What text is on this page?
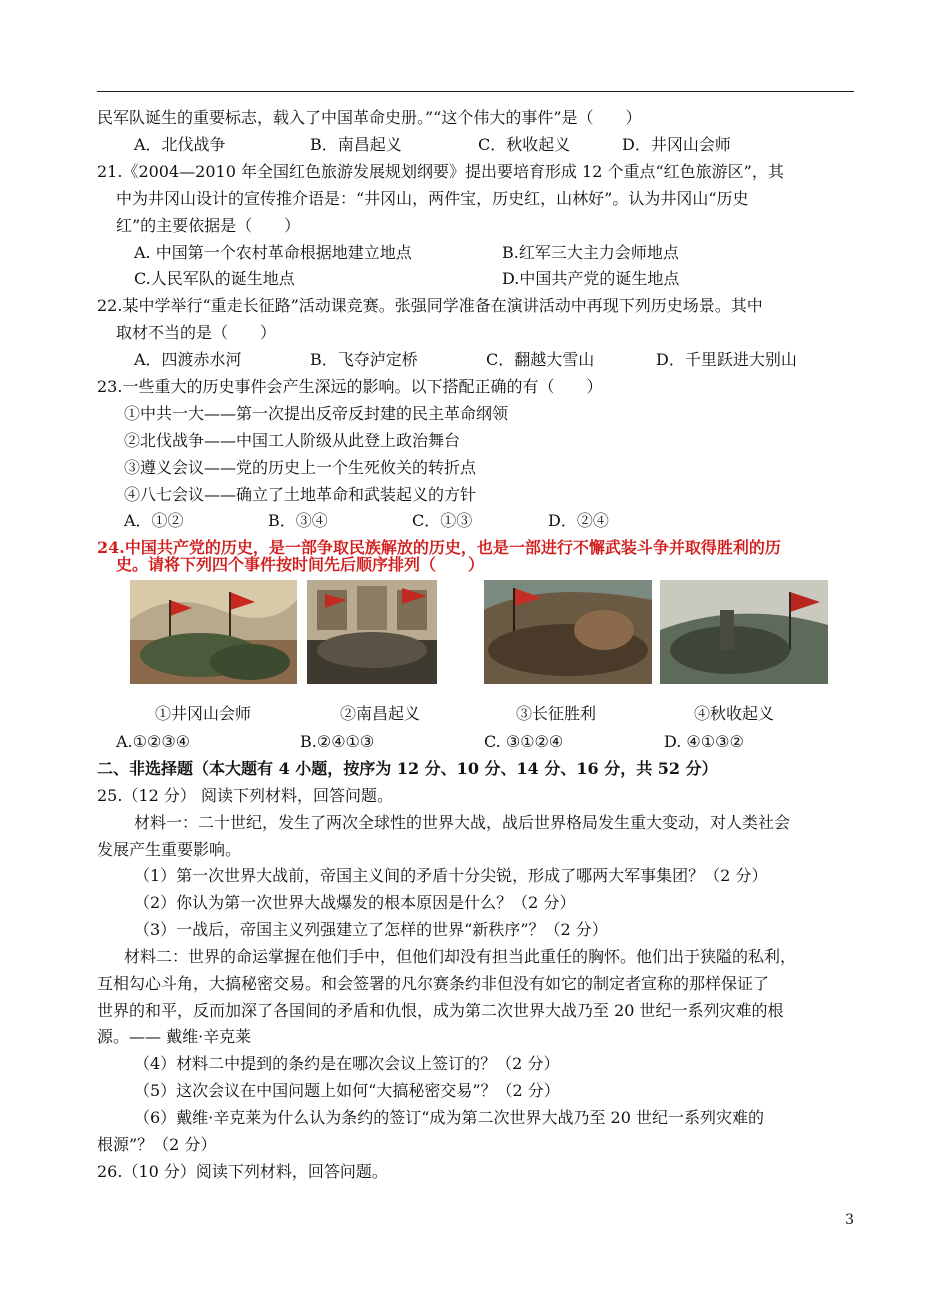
民军队诞生的重要标志，载入了中国革命史册。”“这个伟大的事件”是（　　）
A．北伐战争	B．南昌起义	C．秋收起义	D．井冈山会师
21.《2004—2010 年全国红色旅游发展规划纲要》提出要培育形成 12 个重点“红色旅游区”，其
中为井冈山设计的宣传推介语是：“井冈山，两件宝，历史红，山林好”。认为井冈山“历史
红”的主要依据是（　　）
A. 中国第一个农村革命根据地建立地点	B.红军三大主力会师地点
C.人民军队的诞生地点	D.中国共产党的诞生地点
22.某中学举行“重走长征路”活动课竞赛。张强同学准备在演讲活动中再现下列历史场景。其中
取材不当的是（　　）
A．四渡赤水河	B．飞夺泸定桥	C．翻越大雪山	D．千里跃进大别山
23.一些重大的历史事件会产生深远的影响。以下搭配正确的有（　　）
①中共一大——第一次提出反帝反封建的民主革命纲领
②北伐战争——中国工人阶级从此登上政治舞台
③遵义会议——党的历史上一个生死攸关的转折点
④八七会议——确立了土地革命和武装起义的方针
A．①②	B．③④	C．①③	D．②④
24.中国共产党的历史，是一部争取民族解放的历史，也是一部进行不懈武装斗争并取得胜利的历
史。请将下列四个事件按时间先后顺序排列（　　）
①井冈山会师	②南昌起义	③长征胜利	④秋收起义
A.①②③④	B.②④①③	C. ③①②④	D. ④①③②
二、非选择题（本大题有 4 小题，按序为 12 分、10 分、14 分、16 分，共 52 分）
25.（12 分） 阅读下列材料，回答问题。
材料一：二十世纪，发生了两次全球性的世界大战，战后世界格局发生重大变动，对人类社会
发展产生重要影响。
（1）第一次世界大战前，帝国主义间的矛盾十分尖锐，形成了哪两大军事集团？（2 分）
（2）你认为第一次世界大战爆发的根本原因是什么？（2 分）
（3）一战后，帝国主义列强建立了怎样的世界“新秩序”？（2 分）
材料二：世界的命运掌握在他们手中，但他们却没有担当此重任的胸怀。他们出于狭隘的私利，
互相勾心斗角，大搞秘密交易。和会签署的凡尔赛条约非但没有如它的制定者宣称的那样保证了
世界的和平，反而加深了各国间的矛盾和仇恨，成为第二次世界大战乃至 20 世纪一系列灾难的根
源。—— 戴维·辛克莱
（4）材料二中提到的条约是在哪次会议上签订的？（2 分）
（5）这次会议在中国问题上如何“大搞秘密交易”？（2 分）
（6）戴维·辛克莱为什么认为条约的签订“成为第二次世界大战乃至 20 世纪一系列灾难的
根源”？（2 分）
26.（10 分）阅读下列材料，回答问题。
3
